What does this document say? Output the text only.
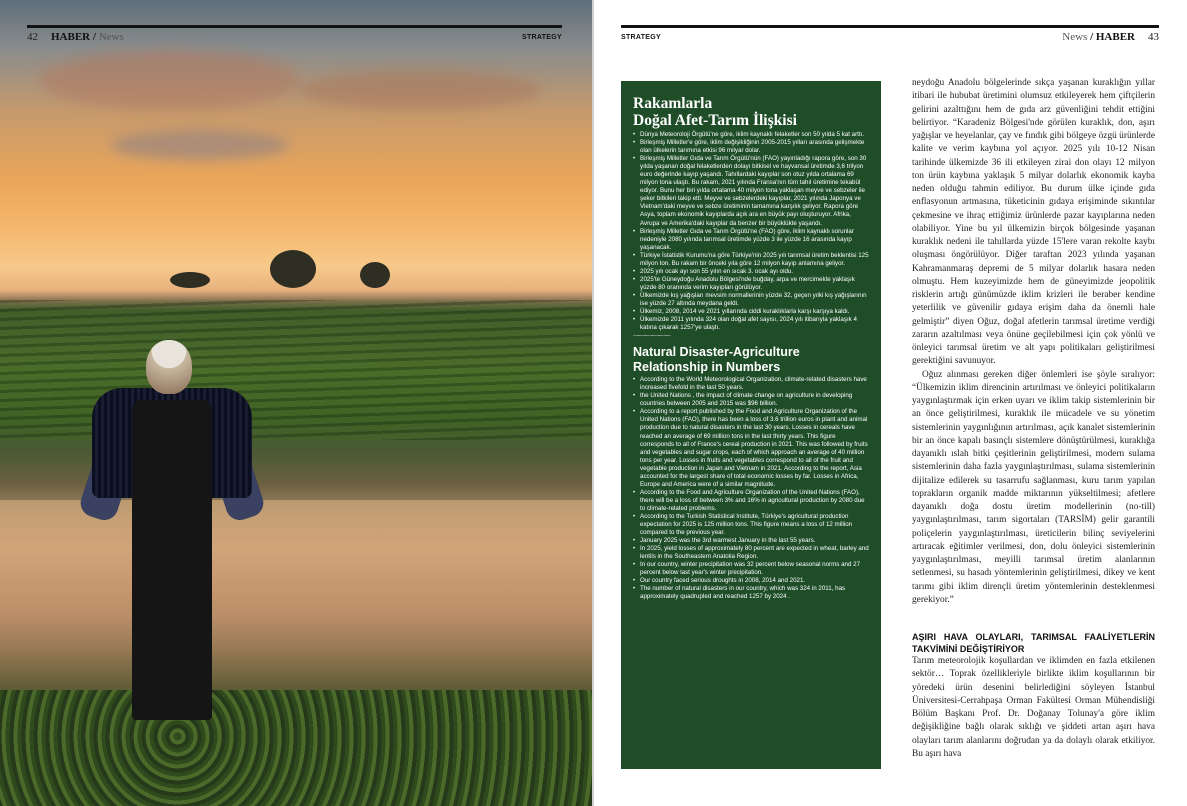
42 HABER / News	STRATEGY	STRATEGY	News / HABER 43
Rakamlarla
Doğal Afet-Tarım İlişkisi
• Dünya Meteoroloji Örgütü'ne göre, iklim kaynaklı felaketler son 50 yılda 5 kat arttı.
• Birleşmiş Milletler'e göre, iklim değişikliğinin 2005-2015 yılları arasında gelişmekte olan ülkelerin tarımına etkisi 96 milyar dolar.
• Birleşmiş Milletler Gıda ve Tarım Örgütü'nün (FAO) yayınladığı rapora göre, son 30 yılda yaşanan doğal felaketlerden dolayı bitkisel ve hayvansal üretimde 3,6 trilyon euro değerinde kayıp yaşandı. Tahıllardaki kayıplar son otuz yılda ortalama 69 milyon tona ulaştı. Bu rakam, 2021 yılında Fransa'nın tüm tahıl üretimine tekabül ediyor. Bunu her biri yılda ortalama 40 milyon tona yaklaşan meyve ve sebzeler ile şeker bitkileri takip etti. Meyve ve sebzelerdeki kayıplar, 2021 yılında Japonya ve Vietnam'daki meyve ve sebze üretiminin tamamına karşılık geliyor. Rapora göre Asya, toplam ekonomik kayıplarda açık ara en büyük payı oluşturuyor. Afrika, Avrupa ve Amerika'daki kayıplar da benzer bir büyüklükte yaşandı.
• Birleşmiş Milletler Gıda ve Tarım Örgütü'ne (FAO) göre, iklim kaynaklı sorunlar nedeniyle 2080 yılında tarımsal üretimde yüzde 3 ile yüzde 16 arasında kayıp yaşanacak.
• Türkiye İstatistik Kurumu'na göre Türkiye'nin 2025 yılı tarımsal üretim beklentisi 125 milyon ton. Bu rakam bir önceki yıla göre 12 milyon kayıp anlamına geliyor.
• 2025 yılı ocak ayı son 55 yılın en sıcak 3. ocak ayı oldu.
• 2025'te Güneydoğu Anadolu Bölgesi'nde buğday, arpa ve mercimekte yaklaşık yüzde 80 oranında verim kayıpları görülüyor.
• Ülkemizde kış yağışları mevsim normallerinin yüzde 32, geçen yılki kış yağışlarının ise yüzde 27 altında meydana geldi.
• Ülkemiz, 2008, 2014 ve 2021 yıllarında ciddi kuraklıklarla karşı karşıya kaldı.
• Ülkemizde 2011 yılında 324 olan doğal afet sayısı, 2024 yılı itibarıyla yaklaşık 4 katına çıkarak 1257'ye ulaştı.
................................
Natural Disaster-Agriculture
Relationship in Numbers
• According to the World Meteorological Organization, climate-related disasters have increased fivefold in the last 50 years.
• the United Nations , the impact of climate change on agriculture in developing countries between 2005 and 2015 was $96 billion.
• According to a report published by the Food and Agriculture Organization of the United Nations (FAO), there has been a loss of 3.6 trillion euros in plant and animal production due to natural disasters in the last 30 years. Losses in cereals have reached an average of 69 million tons in the last thirty years. This figure corresponds to all of France's cereal production in 2021. This was followed by fruits and vegetables and sugar crops, each of which approach an average of 40 million tons per year. Losses in fruits and vegetables correspond to all of the fruit and vegetable production in Japan and Vietnam in 2021. According to the report, Asia accounted for the largest share of total economic losses by far. Losses in Africa, Europe and America were of a similar magnitude.
• According to the Food and Agriculture Organization of the United Nations (FAO), there will be a loss of between 3% and 16% in agricultural production by 2080 due to climate-related problems.
• According to the Turkish Statistical Institute, Türkiye's agricultural production expectation for 2025 is 125 million tons. This figure means a loss of 12 million compared to the previous year.
• January 2025 was the 3rd warmest January in the last 55 years.
• In 2025, yield losses of approximately 80 percent are expected in wheat, barley and lentils in the Southeastern Anatolia Region.
• In our country, winter precipitation was 32 percent below seasonal norms and 27 percent below last year's winter precipitation.
• Our country faced serious droughts in 2008, 2014 and 2021.
• The number of natural disasters in our country, which was 324 in 2011, has approximately quadrupled and reached 1257 by 2024 .

neydoğu Anadolu bölgelerinde sıkça yaşanan kuraklığın yıllar itibari ile hububat üretimini olumsuz etkileyerek hem çiftçilerin gelirini azalttığını hem de gıda arz güvenliğini tehdit ettiğini belirtiyor. “Karadeniz Bölgesi'nde görülen kuraklık, don, aşırı yağışlar ve heyelanlar, çay ve fındık gibi bölgeye özgü ürünlerde kalite ve verim kaybına yol açıyor. 2025 yılı 10-12 Nisan tarihinde ülkemizde 36 ili etkileyen zirai don olayı 12 milyon ton ürün kaybına yaklaşık 5 milyar dolarlık ekonomik kayba neden olduğu tahmin ediliyor. Bu durum ülke içinde gıda enflasyonun artmasına, tüketicinin gıdaya erişiminde sıkıntılar çekmesine ve ihraç ettiğimiz ürünlerde pazar kayıplarına neden olabiliyor. Yine bu yıl ülkemizin birçok bölgesinde yaşanan kuraklık nedeni ile tahıllarda yüzde 15'lere varan rekolte kaybı oluşması öngörülüyor. Diğer taraftan 2023 yılında yaşanan Kahramanmaraş depremi de 5 milyar dolarlık hasara neden olmuştu. Hem kuzeyimizde hem de güneyimizde jeopolitik risklerin artığı günümüzde iklim krizleri ile beraber kendine yeterlilik ve güvenilir gıdaya erişim daha da önemli hale gelmiştir” diyen Oğuz, doğal afetlerin tarımsal üretime verdiği zararın azaltılması veya önüne geçilebilmesi için çok yönlü ve önleyici tarımsal üretim ve alt yapı politikaları geliştirilmesi gerektiğini savunuyor.

Oğuz alınması gereken diğer önlemleri ise şöyle sıralıyor: “Ülkemizin iklim direncinin artırılması ve önleyici politikaların yaygınlaştırmak için erken uyarı ve iklim takip sistemlerinin bir an önce geliştirilmesi, kuraklık ile mücadele ve su yönetim sistemlerinin yaygınlığının artırılması, açık kanalet sistemlerinin bir an önce kapalı basınçlı sistemlere dönüştürülmesi, kuraklığa dayanıklı ıslah bitki çeşitlerinin geliştirilmesi, modern sulama sistemlerinin daha fazla yaygınlaştırılması, sulama sistemlerinin dijitalize edilerek su tasarrufu sağlanması, kuru tarım yapılan toprakların organik madde miktarının yükseltilmesi; afetlere dayanıklı doğa dostu üretim modellerinin (no-till) yaygınlaştırılması, tarım sigortaları (TARSİM) gelir garantili poliçelerin yaygınlaştırılması, üreticilerin bilinç seviyelerini artıracak eğitimler verilmesi, don, dolu önleyici sistemlerinin yaygınlaştırılması, meyilli tarımsal üretim alanlarının setlenmesi, su hasadı yöntemlerinin geliştirilmesi, dikey ve kent tarımı gibi iklim dirençli üretim yöntemlerinin desteklenmesi gerekiyor.”

AŞIRI HAVA OLAYLARI, TARIMSAL FAALİYETLERİN TAKVİMİNİ DEĞİŞTİRİYOR

Tarım meteorolojik koşullardan ve iklimden en fazla etkilenen sektör… Toprak özellikleriyle birlikte iklim koşullarının bir yöredeki ürün desenini belirlediğini söyleyen İstanbul Üniversitesi-Cerrahpaşa Orman Fakültesi Orman Mühendisliği Bölüm Başkanı Prof. Dr. Doğanay Tolunay'a göre iklim değişikliğine bağlı olarak sıklığı ve şiddeti artan aşırı hava olayları tarım alanlarını doğrudan ya da dolaylı olarak etkiliyor. Bu aşırı hava
